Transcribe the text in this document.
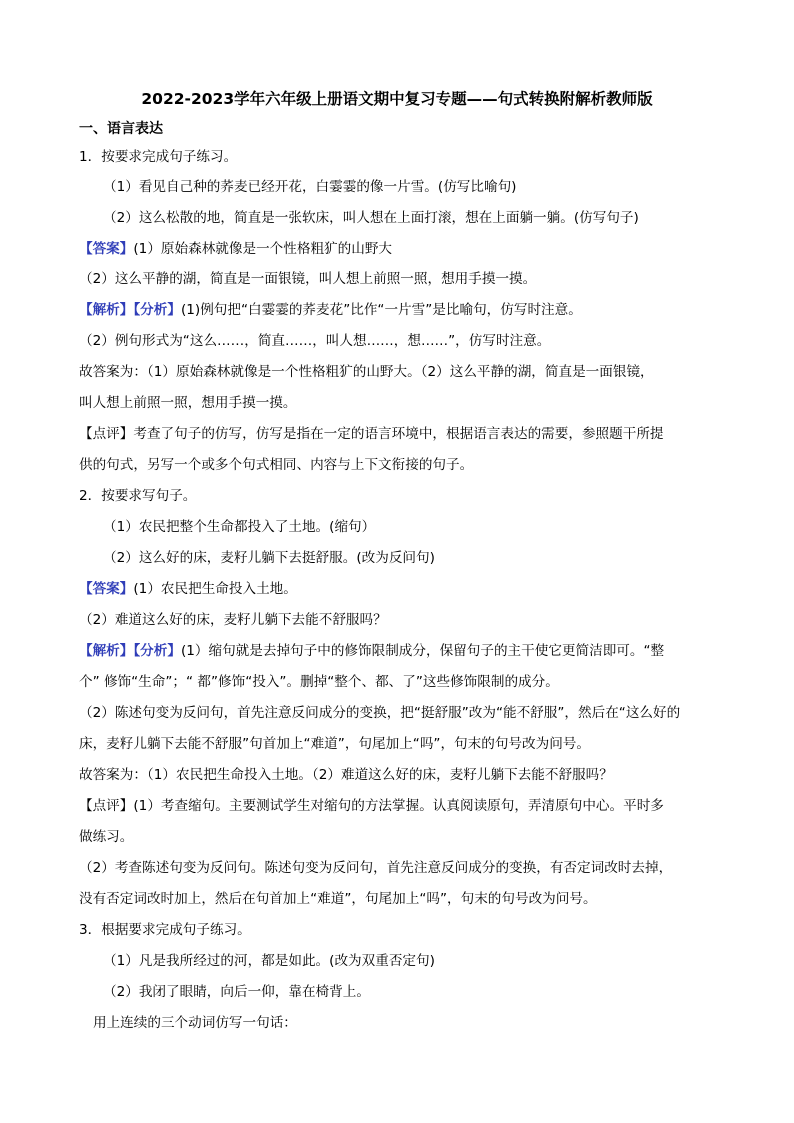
2022-2023学年六年级上册语文期中复习专题——句式转换附解析教师版
一、语言表达
1．按要求完成句子练习。
（1）看见自己种的荞麦已经开花，白霎霎的像一片雪。(仿写比喻句)
（2）这么松散的地，简直是一张软床，叫人想在上面打滚，想在上面躺一躺。(仿写句子)
【答案】(1）原始森林就像是一个性格粗犷的山野大
（2）这么平静的湖，简直是一面银镜，叫人想上前照一照，想用手摸一摸。
【解析】【分析】(1)例句把“白霎霎的荞麦花”比作“一片雪”是比喻句，仿写时注意。
（2）例句形式为“这么……，简直……，叫人想……，想……”，仿写时注意。
故答案为：（1）原始森林就像是一个性格粗犷的山野大。（2）这么平静的湖，简直是一面银镜，
叫人想上前照一照，想用手摸一摸。
【点评】考查了句子的仿写，仿写是指在一定的语言环境中，根据语言表达的需要，参照题干所提
供的句式，另写一个或多个句式相同、内容与上下文衔接的句子。
2．按要求写句子。
（1）农民把整个生命都投入了土地。(缩句）
（2）这么好的床，麦籽儿躺下去挺舒服。(改为反问句)
【答案】(1）农民把生命投入土地。
（2）难道这么好的床，麦籽儿躺下去能不舒服吗？
【解析】【分析】(1）缩句就是去掉句子中的修饰限制成分，保留句子的主干使它更简洁即可。“整
个” 修饰“生命”；“ 都”修饰“投入”。删掉“整个、都、了”这些修饰限制的成分。
（2）陈述句变为反问句，首先注意反问成分的变换，把“挺舒服”改为“能不舒服”，然后在“这么好的
床，麦籽儿躺下去能不舒服”句首加上“难道”，句尾加上“吗”，句末的句号改为问号。
故答案为：（1）农民把生命投入土地。（2）难道这么好的床，麦籽儿躺下去能不舒服吗？
【点评】(1）考查缩句。主要测试学生对缩句的方法掌握。认真阅读原句，弄清原句中心。平时多
做练习。
（2）考查陈述句变为反问句。陈述句变为反问句，首先注意反问成分的变换，有否定词改时去掉，
没有否定词改时加上，然后在句首加上“难道”，句尾加上“吗”，句末的句号改为问号。
3．根据要求完成句子练习。
（1）凡是我所经过的河，都是如此。(改为双重否定句)
（2）我闭了眼睛，向后一仰，靠在椅背上。
用上连续的三个动词仿写一句话：
